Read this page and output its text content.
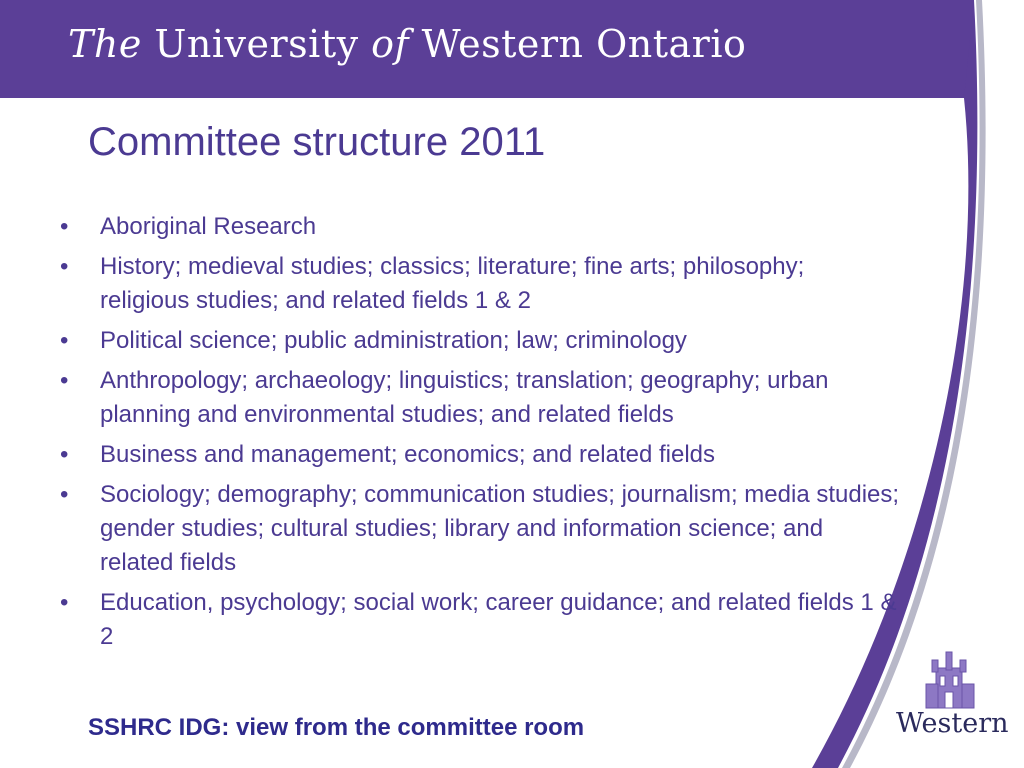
The University of Western Ontario
Committee structure 2011
• Aboriginal Research
• History; medieval studies; classics; literature; fine arts; philosophy; religious studies; and related fields 1 & 2
• Political science; public administration; law; criminology
• Anthropology; archaeology; linguistics; translation; geography; urban planning and environmental studies; and related fields
• Business and management; economics; and related fields
• Sociology; demography; communication studies; journalism; media studies; gender studies; cultural studies; library and information science; and related fields
• Education, psychology; social work; career guidance; and related fields 1 & 2
SSHRC IDG: view from the committee room	Western
